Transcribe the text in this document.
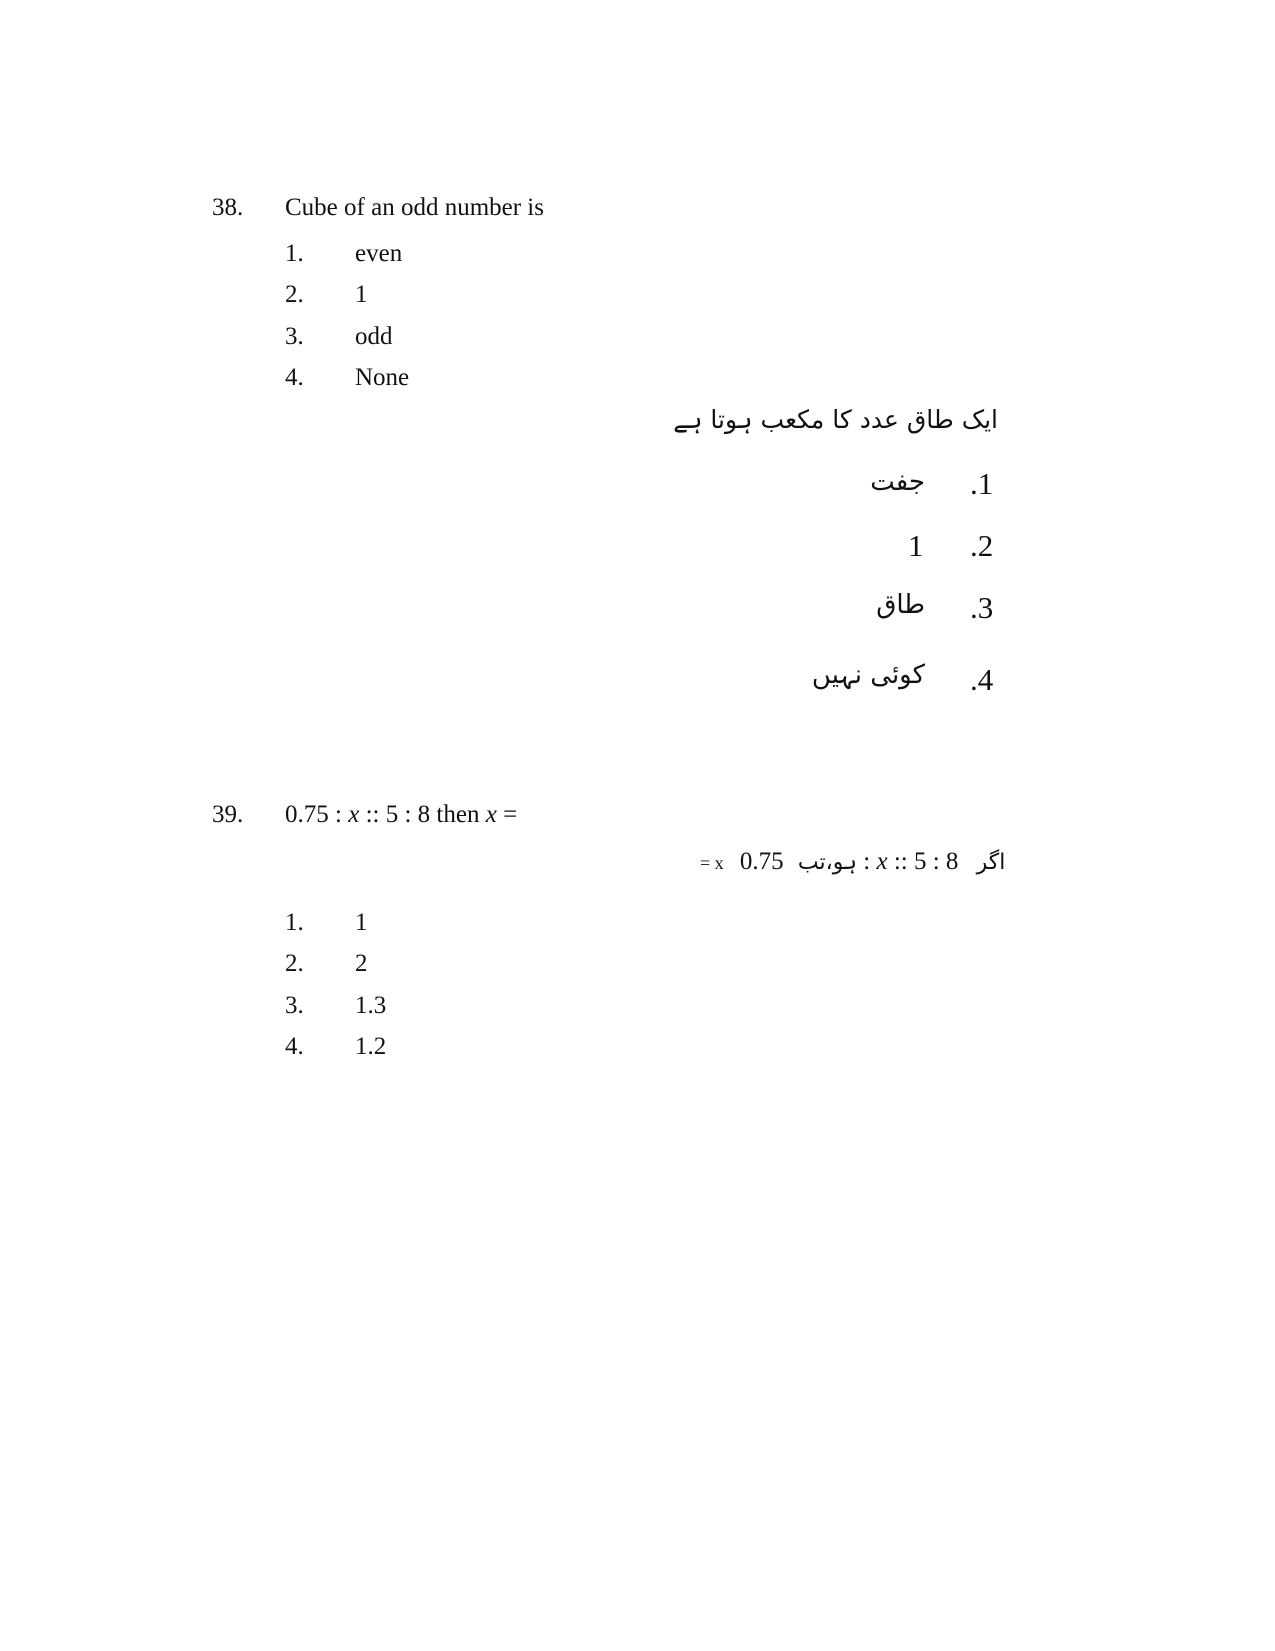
38. Cube of an odd number is
1. even
2. 1
3. odd
4. None
ایک طاق عدد کا مکعب ہوتا ہے
.1
جفت
.2
1
.3
طاق
.4
کوئی نہیں
39. 0.75 : x :: 5 : 8 then x =
= x	ہو،تب 0.75 : x :: 5 : 8 اگر
1. 1
2. 2
3. 1.3
4. 1.2
